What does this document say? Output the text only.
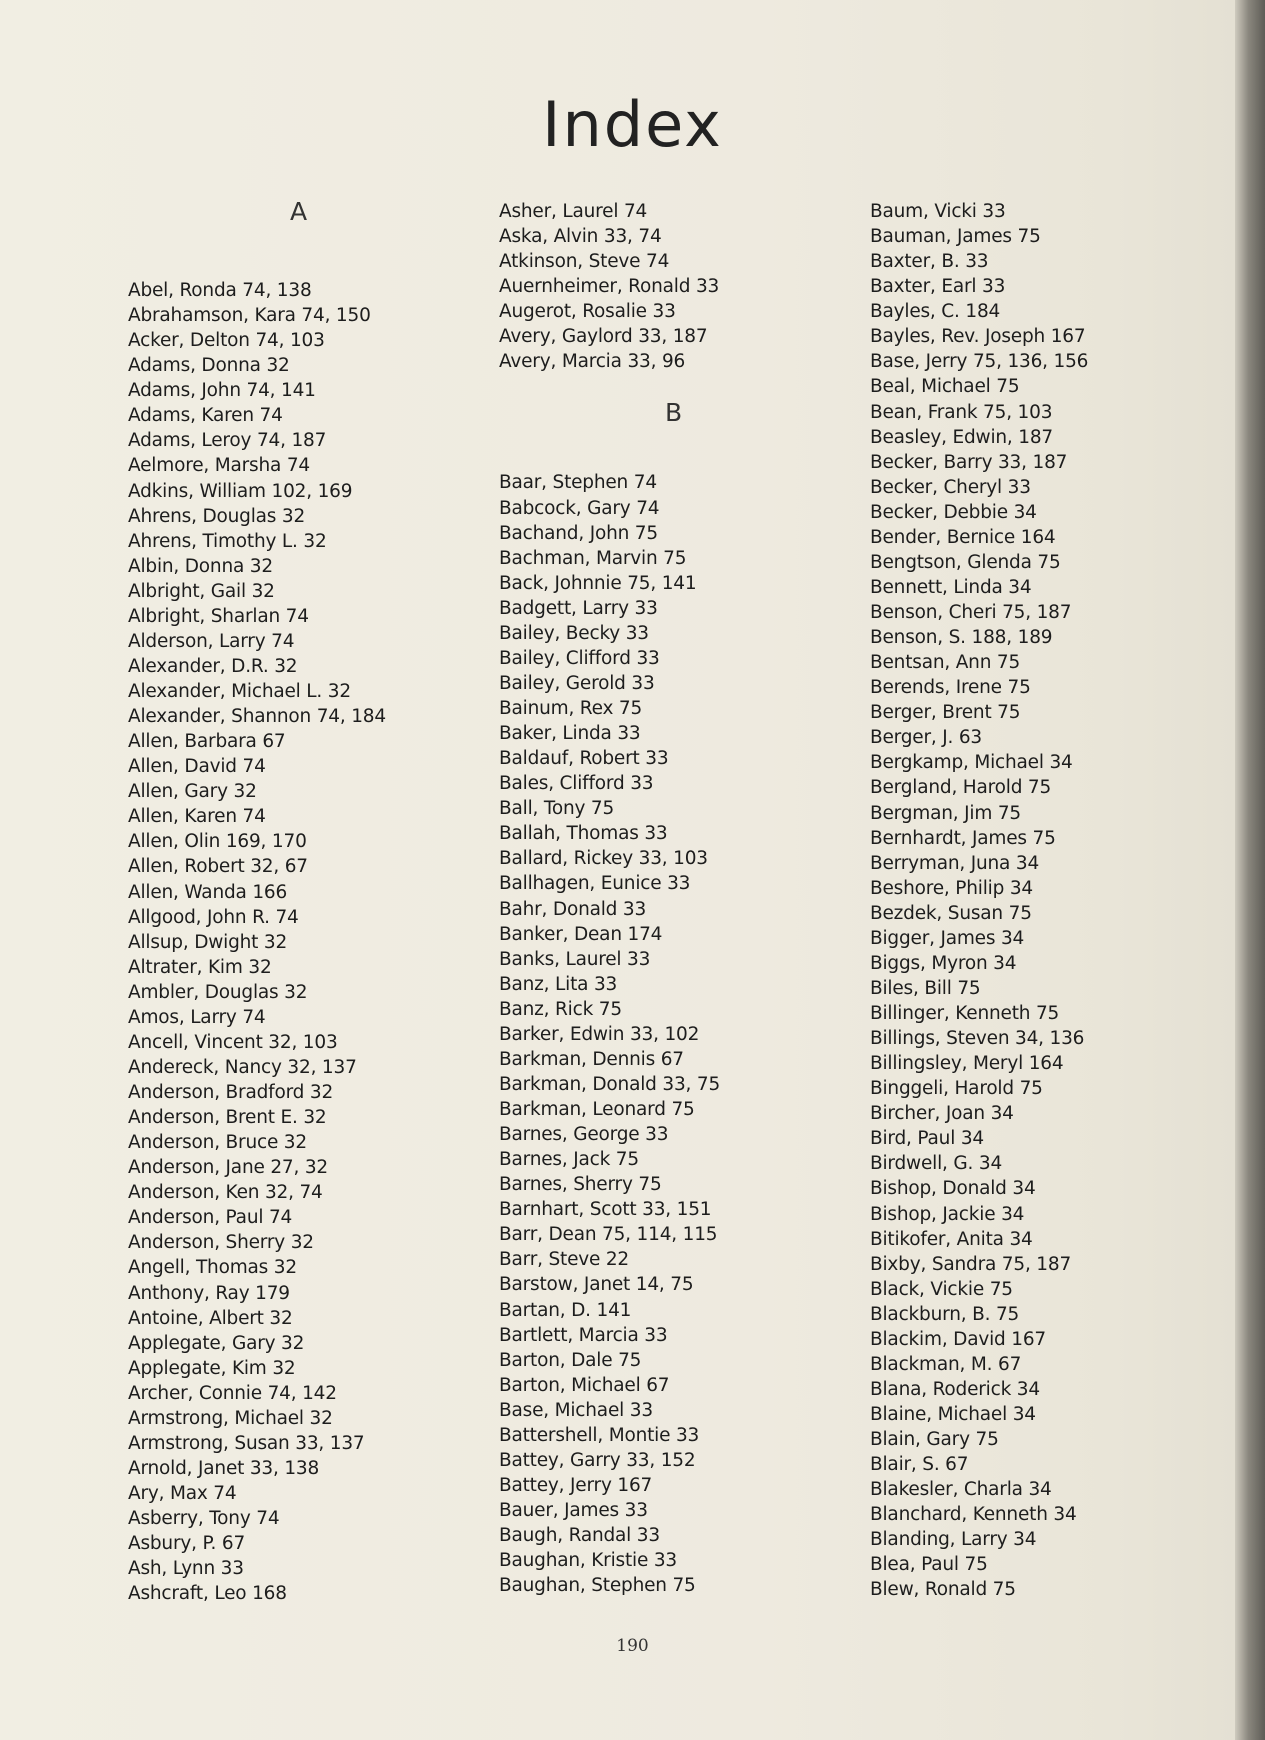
Index
A
Abel, Ronda 74, 138
Abrahamson, Kara 74, 150
Acker, Delton 74, 103
Adams, Donna 32
Adams, John 74, 141
Adams, Karen 74
Adams, Leroy 74, 187
Aelmore, Marsha 74
Adkins, William 102, 169
Ahrens, Douglas 32
Ahrens, Timothy L. 32
Albin, Donna 32
Albright, Gail 32
Albright, Sharlan 74
Alderson, Larry 74
Alexander, D.R. 32
Alexander, Michael L. 32
Alexander, Shannon 74, 184
Allen, Barbara 67
Allen, David 74
Allen, Gary 32
Allen, Karen 74
Allen, Olin 169, 170
Allen, Robert 32, 67
Allen, Wanda 166
Allgood, John R. 74
Allsup, Dwight 32
Altrater, Kim 32
Ambler, Douglas 32
Amos, Larry 74
Ancell, Vincent 32, 103
Andereck, Nancy 32, 137
Anderson, Bradford 32
Anderson, Brent E. 32
Anderson, Bruce 32
Anderson, Jane 27, 32
Anderson, Ken 32, 74
Anderson, Paul 74
Anderson, Sherry 32
Angell, Thomas 32
Anthony, Ray 179
Antoine, Albert 32
Applegate, Gary 32
Applegate, Kim 32
Archer, Connie 74, 142
Armstrong, Michael 32
Armstrong, Susan 33, 137
Arnold, Janet 33, 138
Ary, Max 74
Asberry, Tony 74
Asbury, P. 67
Ash, Lynn 33
Ashcraft, Leo 168
Asher, Laurel 74
Aska, Alvin 33, 74
Atkinson, Steve 74
Auernheimer, Ronald 33
Augerot, Rosalie 33
Avery, Gaylord 33, 187
Avery, Marcia 33, 96
B
Baar, Stephen 74
Babcock, Gary 74
Bachand, John 75
Bachman, Marvin 75
Back, Johnnie 75, 141
Badgett, Larry 33
Bailey, Becky 33
Bailey, Clifford 33
Bailey, Gerold 33
Bainum, Rex 75
Baker, Linda 33
Baldauf, Robert 33
Bales, Clifford 33
Ball, Tony 75
Ballah, Thomas 33
Ballard, Rickey 33, 103
Ballhagen, Eunice 33
Bahr, Donald 33
Banker, Dean 174
Banks, Laurel 33
Banz, Lita 33
Banz, Rick 75
Barker, Edwin 33, 102
Barkman, Dennis 67
Barkman, Donald 33, 75
Barkman, Leonard 75
Barnes, George 33
Barnes, Jack 75
Barnes, Sherry 75
Barnhart, Scott 33, 151
Barr, Dean 75, 114, 115
Barr, Steve 22
Barstow, Janet 14, 75
Bartan, D. 141
Bartlett, Marcia 33
Barton, Dale 75
Barton, Michael 67
Base, Michael 33
Battershell, Montie 33
Battey, Garry 33, 152
Battey, Jerry 167
Bauer, James 33
Baugh, Randal 33
Baughan, Kristie 33
Baughan, Stephen 75
Baum, Vicki 33
Bauman, James 75
Baxter, B. 33
Baxter, Earl 33
Bayles, C. 184
Bayles, Rev. Joseph 167
Base, Jerry 75, 136, 156
Beal, Michael 75
Bean, Frank 75, 103
Beasley, Edwin, 187
Becker, Barry 33, 187
Becker, Cheryl 33
Becker, Debbie 34
Bender, Bernice 164
Bengtson, Glenda 75
Bennett, Linda 34
Benson, Cheri 75, 187
Benson, S. 188, 189
Bentsan, Ann 75
Berends, Irene 75
Berger, Brent 75
Berger, J. 63
Bergkamp, Michael 34
Bergland, Harold 75
Bergman, Jim 75
Bernhardt, James 75
Berryman, Juna 34
Beshore, Philip 34
Bezdek, Susan 75
Bigger, James 34
Biggs, Myron 34
Biles, Bill 75
Billinger, Kenneth 75
Billings, Steven 34, 136
Billingsley, Meryl 164
Binggeli, Harold 75
Bircher, Joan 34
Bird, Paul 34
Birdwell, G. 34
Bishop, Donald 34
Bishop, Jackie 34
Bitikofer, Anita 34
Bixby, Sandra 75, 187
Black, Vickie 75
Blackburn, B. 75
Blackim, David 167
Blackman, M. 67
Blana, Roderick 34
Blaine, Michael 34
Blain, Gary 75
Blair, S. 67
Blakesler, Charla 34
Blanchard, Kenneth 34
Blanding, Larry 34
Blea, Paul 75
Blew, Ronald 75
190
